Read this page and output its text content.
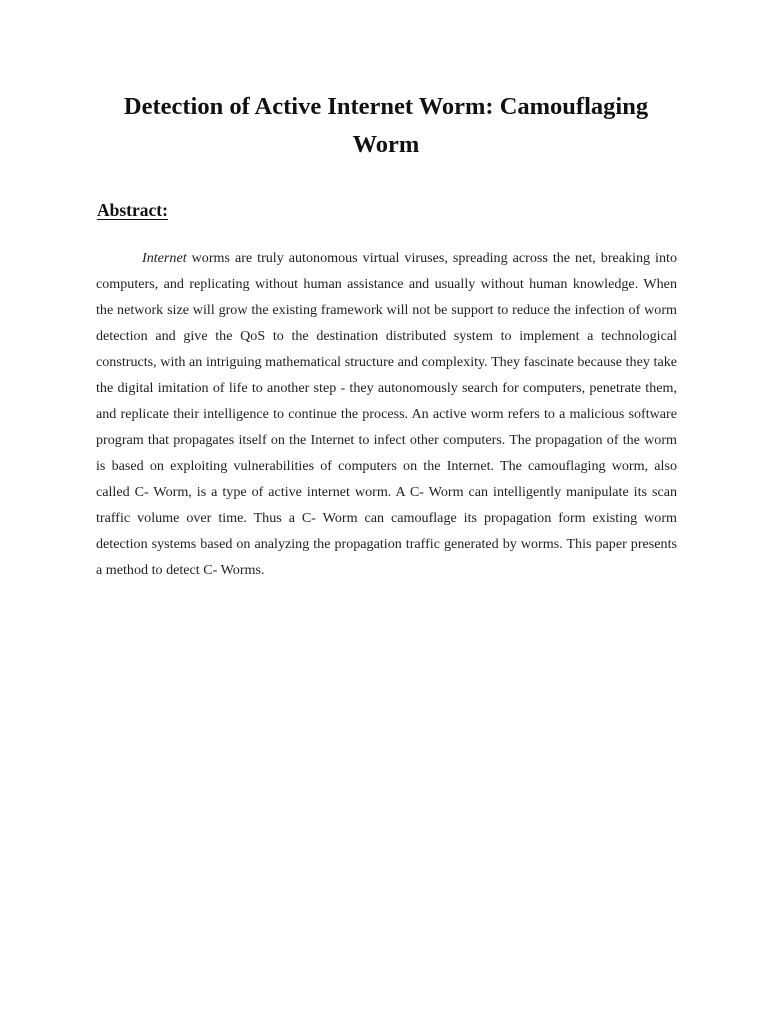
Detection of Active Internet Worm: Camouflaging Worm
Abstract:

Internet worms are truly autonomous virtual viruses, spreading across the net, breaking into computers, and replicating without human assistance and usually without human knowledge. When the network size will grow the existing framework will not be support to reduce the infection of worm detection and give the QoS to the destination distributed system to implement a technological constructs, with an intriguing mathematical structure and complexity. They fascinate because they take the digital imitation of life to another step - they autonomously search for computers, penetrate them, and replicate their intelligence to continue the process. An active worm refers to a malicious software program that propagates itself on the Internet to infect other computers. The propagation of the worm is based on exploiting vulnerabilities of computers on the Internet. The camouflaging worm, also called C- Worm, is a type of active internet worm. A C- Worm can intelligently manipulate its scan traffic volume over time. Thus a C- Worm can camouflage its propagation form existing worm detection systems based on analyzing the propagation traffic generated by worms. This paper presents a method to detect C- Worms.
